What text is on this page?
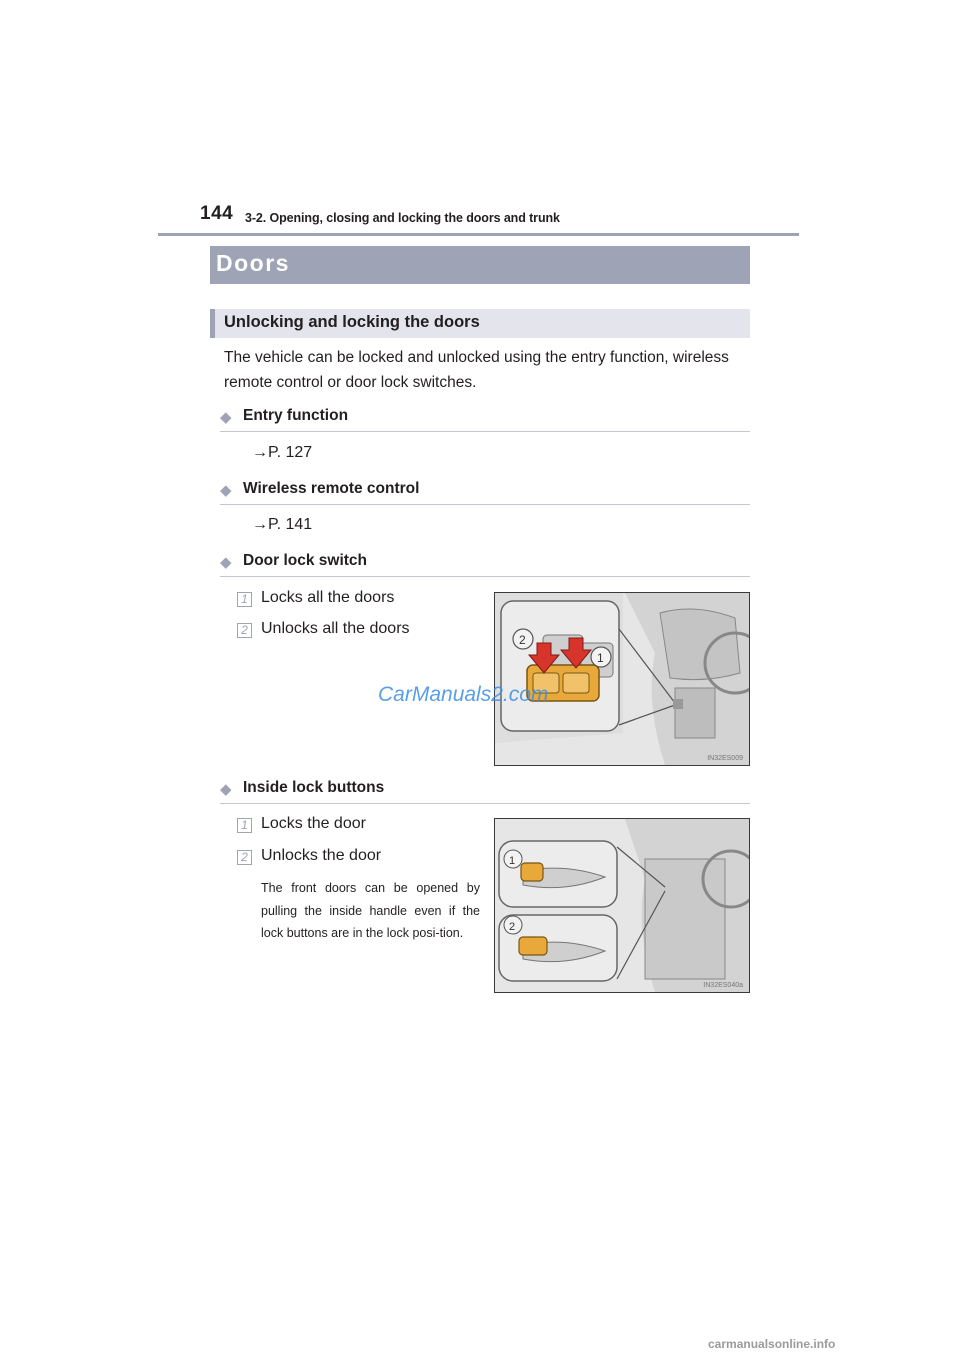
144 3-2. Opening, closing and locking the doors and trunk
Doors
Unlocking and locking the doors
The vehicle can be locked and unlocked using the entry function, wireless remote control or door lock switches.
◆ Entry function
→P. 127
◆ Wireless remote control
→P. 141
◆ Door lock switch
1 Locks all the doors
2 Unlocks all the doors
2
1
IN32ES009
CarManuals2.com
◆ Inside lock buttons
1 Locks the door
2 Unlocks the door
The front doors can be opened by pulling the inside handle even if the lock buttons are in the lock posi-tion.
1
2
IN32ES040a
carmanualsonline.info
